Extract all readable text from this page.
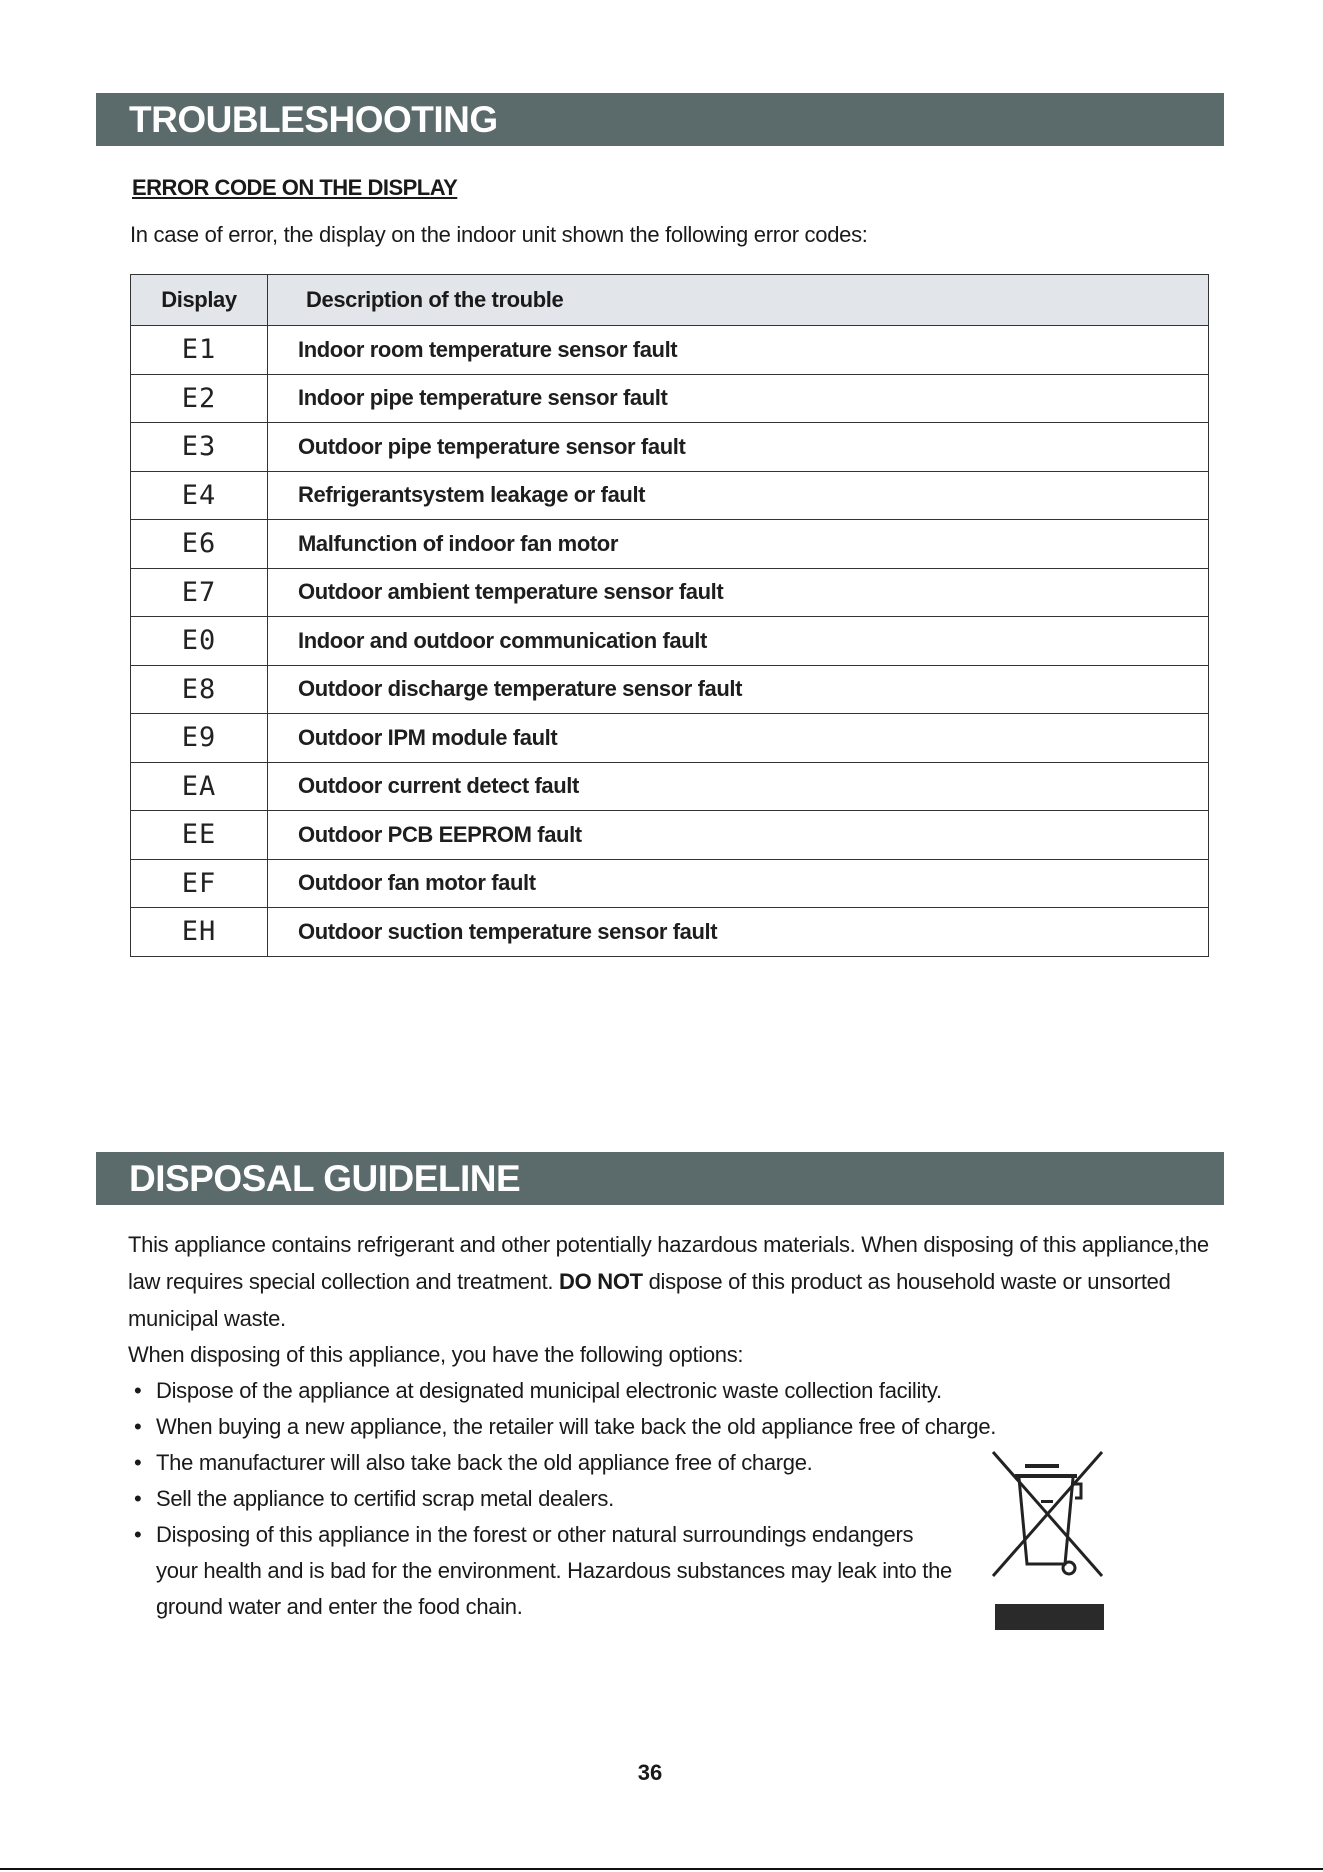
TROUBLESHOOTING
ERROR CODE ON THE DISPLAY
In case of error, the display on the indoor unit shown the following error codes:
Display	Description of the trouble
E1	Indoor room temperature sensor fault
E2	Indoor pipe temperature sensor fault
E3	Outdoor pipe temperature sensor fault
E4	Refrigerantsystem leakage or fault
E6	Malfunction of indoor fan motor
E7	Outdoor ambient temperature sensor fault
E0	Indoor and outdoor communication fault
E8	Outdoor discharge temperature sensor fault
E9	Outdoor IPM module fault
EA	Outdoor current detect fault
EE	Outdoor PCB EEPROM fault
EF	Outdoor fan motor fault
EH	Outdoor suction temperature sensor fault
DISPOSAL GUIDELINE
This appliance contains refrigerant and other potentially hazardous materials. When disposing of this appliance,the law requires special collection and treatment. DO NOT dispose of this product as household waste or unsorted municipal waste.
When disposing of this appliance, you have the following options:
• Dispose of the appliance at designated municipal electronic waste collection facility.
• When buying a new appliance, the retailer will take back the old appliance free of charge.
• The manufacturer will also take back the old appliance free of charge.
• Sell the appliance to certifid scrap metal dealers.
• Disposing of this appliance in the forest or other natural surroundings endangers your health and is bad for the environment. Hazardous substances may leak into the ground water and enter the food chain.
36
